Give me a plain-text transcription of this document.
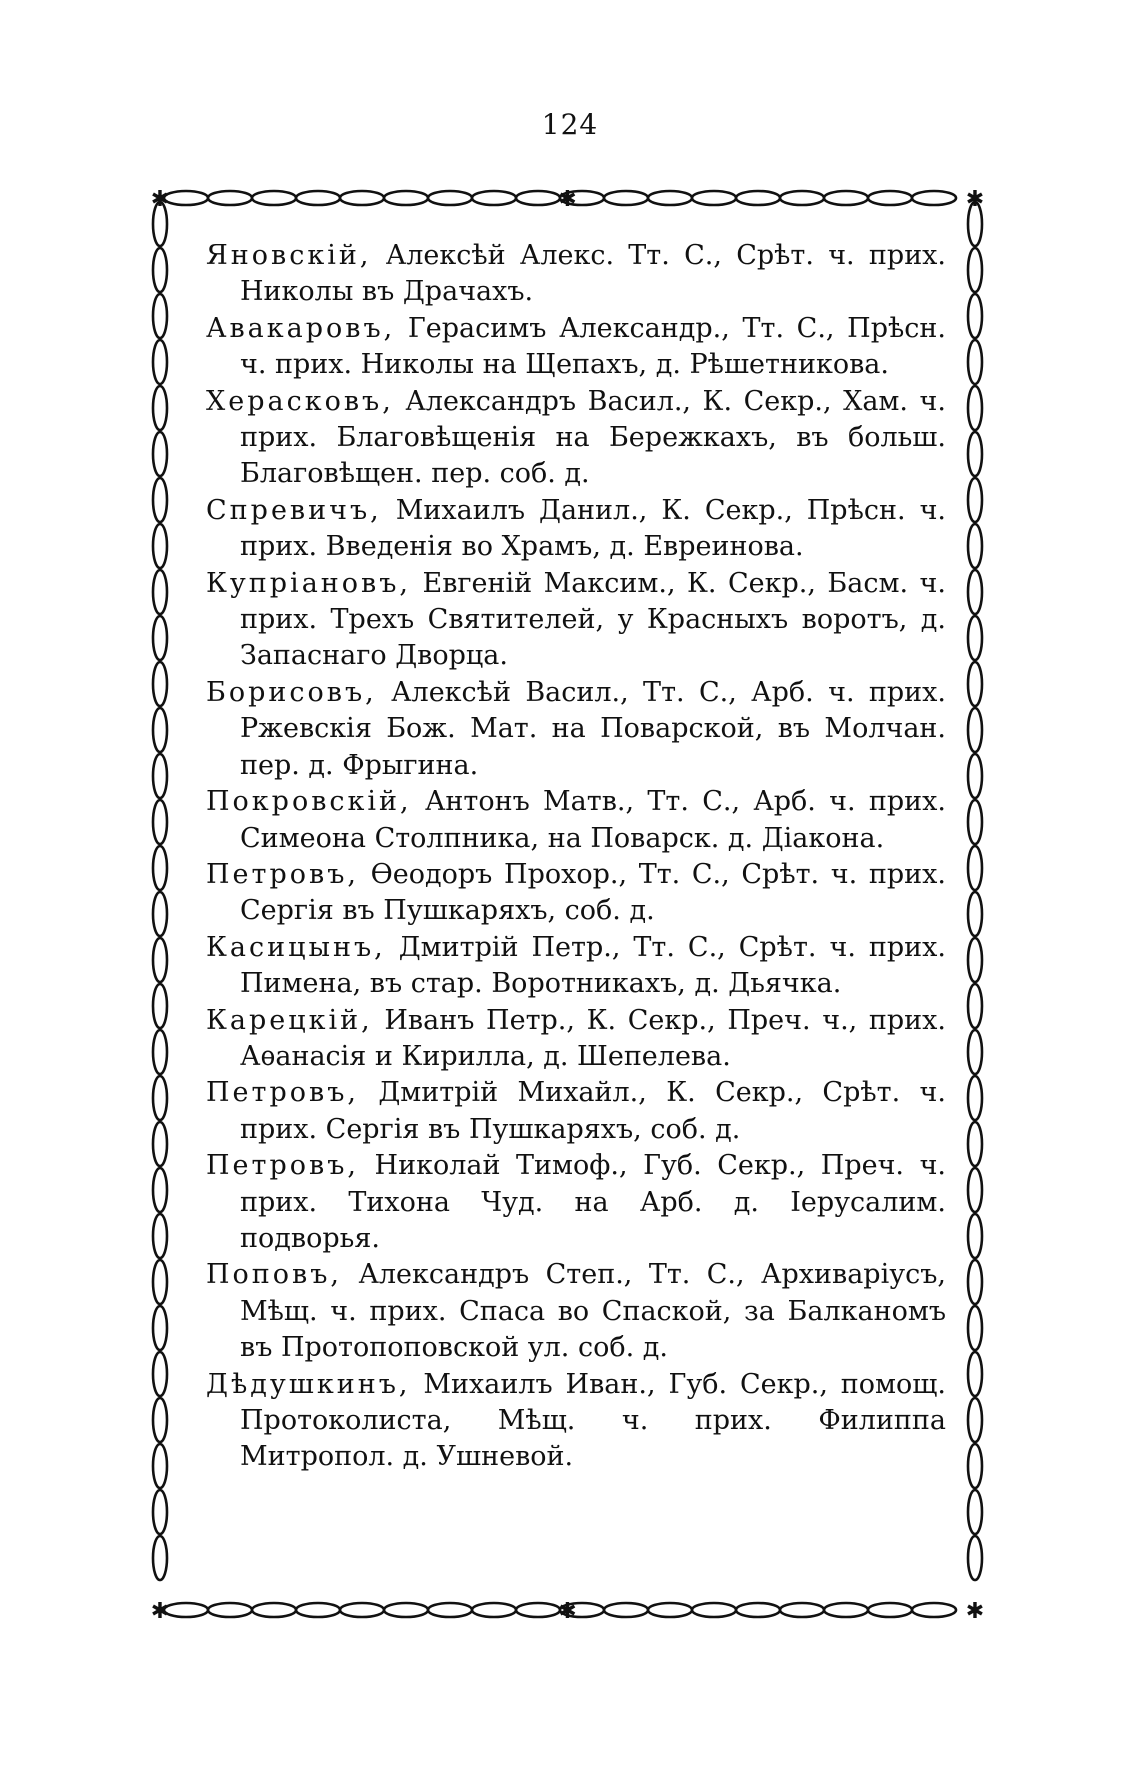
124
✱	✱
✱	✱
✱
✱

Яновскій, Алексѣй Алекс. Тт. С., Срѣт. ч. прих. Николы въ Драчахъ.

Авакаровъ, Герасимъ Александр., Тт. С., Прѣсн. ч. прих. Николы на Щепахъ, д. Рѣшетникова.

Херасковъ, Александръ Васил., К. Секр., Хам. ч. прих. Благовѣщенія на Бережкахъ, въ больш. Благовѣщен. пер. соб. д.

Спревичъ, Михаилъ Данил., К. Секр., Прѣсн. ч. прих. Введенія во Храмъ, д. Евреинова.

Купріановъ, Евгеній Максим., К. Секр., Басм. ч. прих. Трехъ Святителей, у Красныхъ воротъ, д. Запаснаго Дворца.

Борисовъ, Алексѣй Васил., Тт. С., Арб. ч. прих. Ржевскія Бож. Мат. на Поварской, въ Молчан. пер. д. Фрыгина.

Покровскій, Антонъ Матв., Тт. С., Арб. ч. прих. Симеона Столпника, на Поварск. д. Діакона.

Петровъ, Ѳеодоръ Прохор., Тт. С., Срѣт. ч. прих. Сергія въ Пушкаряхъ, соб. д.

Касицынъ, Дмитрій Петр., Тт. С., Срѣт. ч. прих. Пимена, въ стар. Воротникахъ, д. Дьячка.

Карецкій, Иванъ Петр., К. Секр., Преч. ч., прих. Аѳанасія и Кирилла, д. Шепелева.

Петровъ, Дмитрій Михайл., К. Секр., Срѣт. ч. прих. Сергія въ Пушкаряхъ, соб. д.

Петровъ, Николай Тимоф., Губ. Секр., Преч. ч. прих. Тихона Чуд. на Арб. д. Іерусалим. подворья.

Поповъ, Александръ Степ., Тт. С., Архиваріусъ, Мѣщ. ч. прих. Спаса во Спаской, за Балканомъ въ Протопоповской ул. соб. д.

Дѣдушкинъ, Михаилъ Иван., Губ. Секр., помощ. Протоколиста, Мѣщ. ч. прих. Филиппа Митропол. д. Ушневой.
